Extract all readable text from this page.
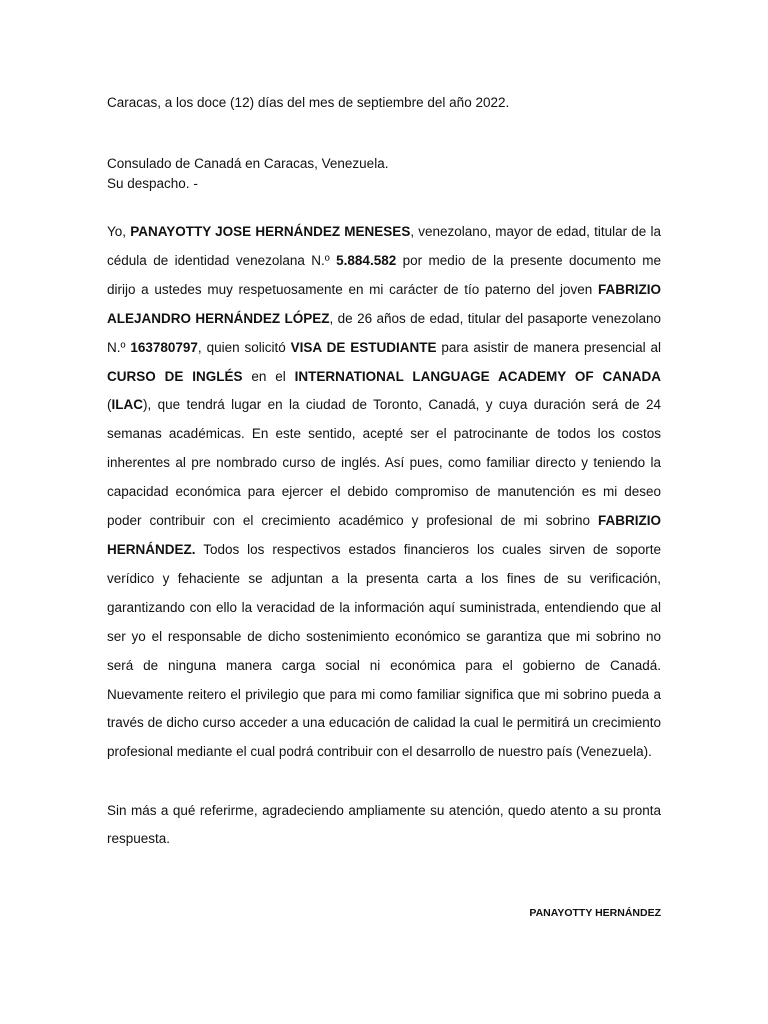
Caracas, a los doce (12) días del mes de septiembre del año 2022.
Consulado de Canadá en Caracas, Venezuela.
Su despacho. -

Yo, PANAYOTTY JOSE HERNÁNDEZ MENESES, venezolano, mayor de edad, titular de la cédula de identidad venezolana N.º 5.884.582 por medio de la presente documento me dirijo a ustedes muy respetuosamente en mi carácter de tío paterno del joven FABRIZIO ALEJANDRO HERNÁNDEZ LÓPEZ, de 26 años de edad, titular del pasaporte venezolano N.º 163780797, quien solicitó VISA DE ESTUDIANTE para asistir de manera presencial al CURSO DE INGLÉS en el INTERNATIONAL LANGUAGE ACADEMY OF CANADA (ILAC), que tendrá lugar en la ciudad de Toronto, Canadá, y cuya duración será de 24 semanas académicas. En este sentido, acepté ser el patrocinante de todos los costos inherentes al pre nombrado curso de inglés. Así pues, como familiar directo y teniendo la capacidad económica para ejercer el debido compromiso de manutención es mi deseo poder contribuir con el crecimiento académico y profesional de mi sobrino FABRIZIO HERNÁNDEZ. Todos los respectivos estados financieros los cuales sirven de soporte verídico y fehaciente se adjuntan a la presenta carta a los fines de su verificación, garantizando con ello la veracidad de la información aquí suministrada, entendiendo que al ser yo el responsable de dicho sostenimiento económico se garantiza que mi sobrino no será de ninguna manera carga social ni económica para el gobierno de Canadá. Nuevamente reitero el privilegio que para mi como familiar significa que mi sobrino pueda a través de dicho curso acceder a una educación de calidad la cual le permitirá un crecimiento profesional mediante el cual podrá contribuir con el desarrollo de nuestro país (Venezuela).

Sin más a qué referirme, agradeciendo ampliamente su atención, quedo atento a su pronta respuesta.

PANAYOTTY HERNÁNDEZ
